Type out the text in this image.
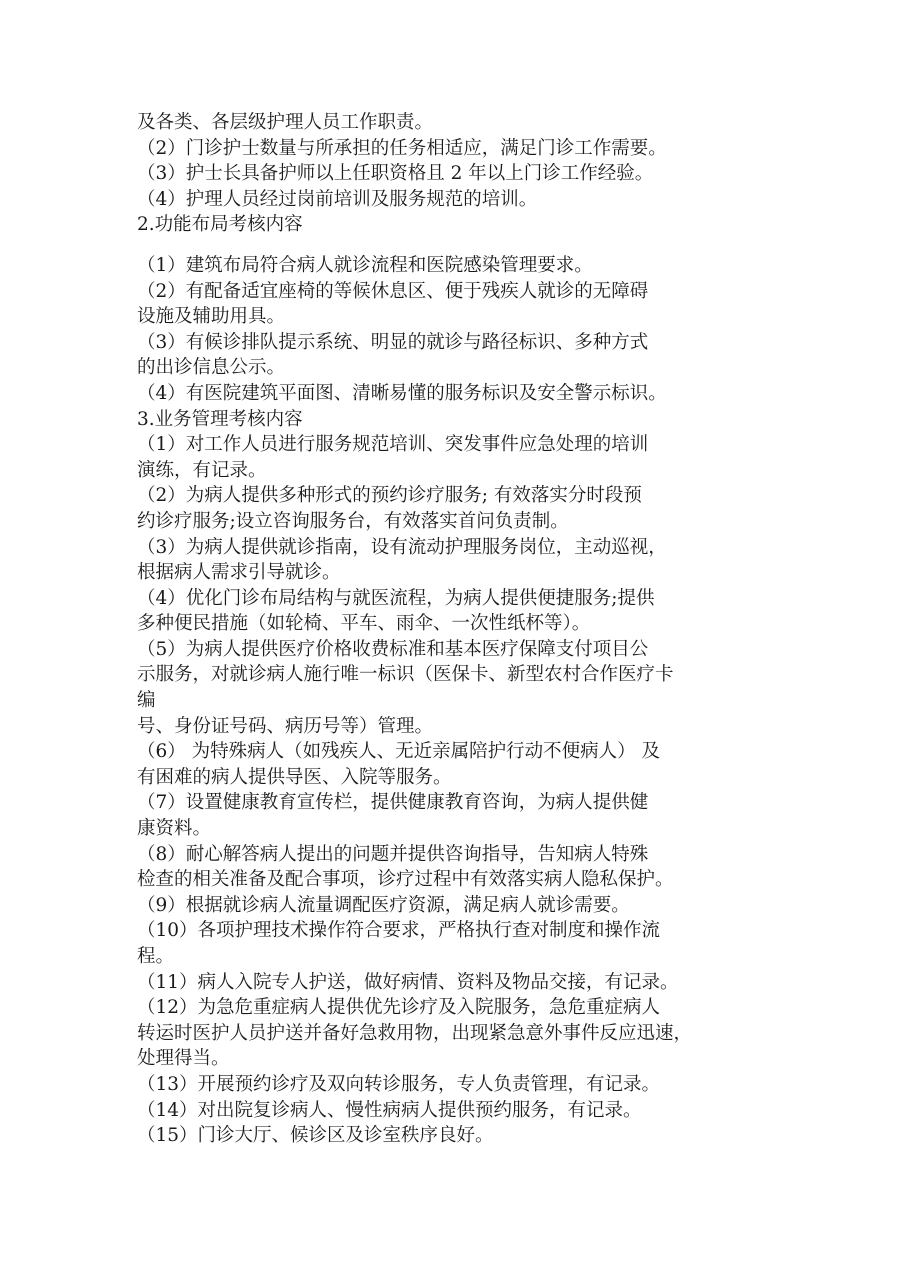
及各类、各层级护理人员工作职责。
（2）门诊护士数量与所承担的任务相适应，满足门诊工作需要。
（3）护士长具备护师以上任职资格且 2 年以上门诊工作经验。
（4）护理人员经过岗前培训及服务规范的培训。
2.功能布局考核内容
（1）建筑布局符合病人就诊流程和医院感染管理要求。
（2）有配备适宜座椅的等候休息区、便于残疾人就诊的无障碍
设施及辅助用具。
（3）有候诊排队提示系统、明显的就诊与路径标识、多种方式
的出诊信息公示。
（4）有医院建筑平面图、清晰易懂的服务标识及安全警示标识。
3.业务管理考核内容
（1）对工作人员进行服务规范培训、突发事件应急处理的培训
演练，有记录。
（2）为病人提供多种形式的预约诊疗服务; 有效落实分时段预
约诊疗服务;设立咨询服务台，有效落实首问负责制。
（3）为病人提供就诊指南，设有流动护理服务岗位，主动巡视，
根据病人需求引导就诊。
（4）优化门诊布局结构与就医流程，为病人提供便捷服务;提供
多种便民措施（如轮椅、平车、雨伞、一次性纸杯等）。
（5）为病人提供医疗价格收费标准和基本医疗保障支付项目公
示服务，对就诊病人施行唯一标识（医保卡、新型农村合作医疗卡
编
号、身份证号码、病历号等）管理。
（6） 为特殊病人（如残疾人、无近亲属陪护行动不便病人） 及
有困难的病人提供导医、入院等服务。
（7）设置健康教育宣传栏，提供健康教育咨询，为病人提供健
康资料。
（8）耐心解答病人提出的问题并提供咨询指导，告知病人特殊
检查的相关准备及配合事项，诊疗过程中有效落实病人隐私保护。
（9）根据就诊病人流量调配医疗资源，满足病人就诊需要。
（10）各项护理技术操作符合要求，严格执行查对制度和操作流
程。
（11）病人入院专人护送，做好病情、资料及物品交接，有记录。
（12）为急危重症病人提供优先诊疗及入院服务，急危重症病人
转运时医护人员护送并备好急救用物，出现紧急意外事件反应迅速，
处理得当。
（13）开展预约诊疗及双向转诊服务，专人负责管理，有记录。
（14）对出院复诊病人、慢性病病人提供预约服务，有记录。
（15）门诊大厅、候诊区及诊室秩序良好。
